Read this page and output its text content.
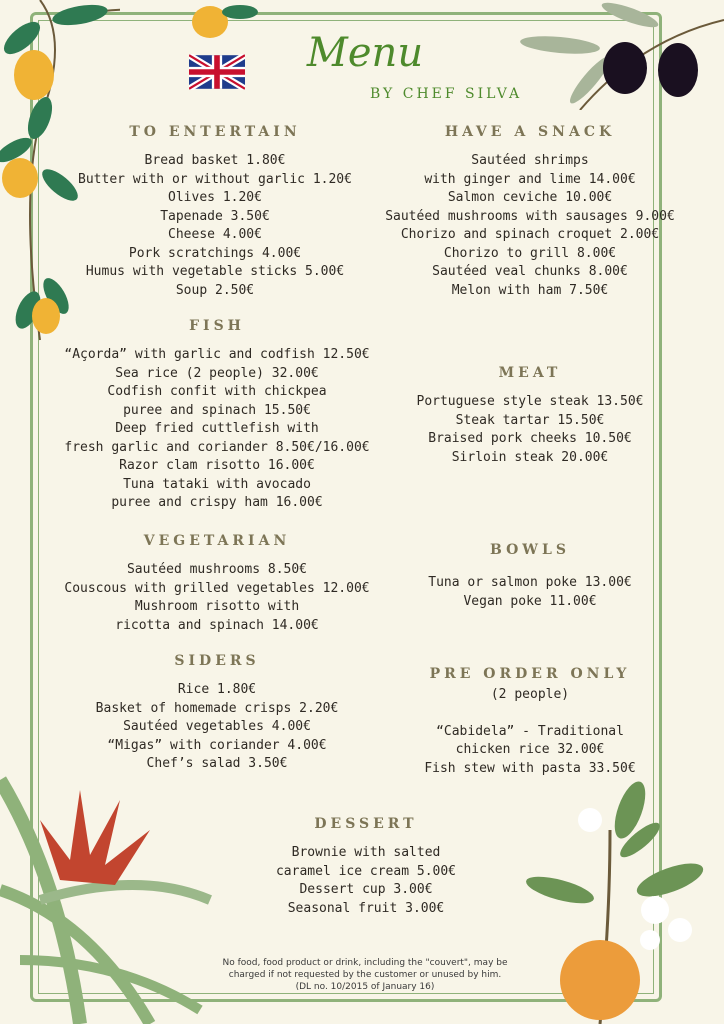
Menu
BY CHEF SILVA
TO ENTERTAIN
Bread basket 1.80€
Butter with or without garlic 1.20€
Olives 1.20€
Tapenade 3.50€
Cheese 4.00€
Pork scratchings 4.00€
Humus with vegetable sticks 5.00€
Soup 2.50€
HAVE A SNACK
Sautéed shrimps
with ginger and lime 14.00€
Salmon ceviche 10.00€
Sautéed mushrooms with sausages 9.00€
Chorizo and spinach croquet 2.00€
Chorizo to grill 8.00€
Sautéed veal chunks 8.00€
Melon with ham 7.50€
FISH
“Açorda” with garlic and codfish 12.50€
Sea rice (2 people) 32.00€
Codfish confit with chickpea
puree and spinach 15.50€
Deep fried cuttlefish with
fresh garlic and coriander 8.50€/16.00€
Razor clam risotto 16.00€
Tuna tataki with avocado
puree and crispy ham 16.00€
MEAT
Portuguese style steak 13.50€
Steak tartar 15.50€
Braised pork cheeks 10.50€
Sirloin steak 20.00€
VEGETARIAN
Sautéed mushrooms 8.50€
Couscous with grilled vegetables 12.00€
Mushroom risotto with
ricotta and spinach 14.00€
BOWLS
Tuna or salmon poke 13.00€
Vegan poke 11.00€
SIDERS
Rice 1.80€
Basket of homemade crisps 2.20€
Sautéed vegetables 4.00€
“Migas” with coriander 4.00€
Chef’s salad 3.50€
PRE ORDER ONLY
(2 people)
“Cabidela” - Traditional
chicken rice 32.00€
Fish stew with pasta 33.50€
DESSERT
Brownie with salted
caramel ice cream 5.00€
Dessert cup 3.00€
Seasonal fruit 3.00€
No food, food product or drink, including the "couvert", may be
charged if not requested by the customer or unused by him.
(DL no. 10/2015 of January 16)
